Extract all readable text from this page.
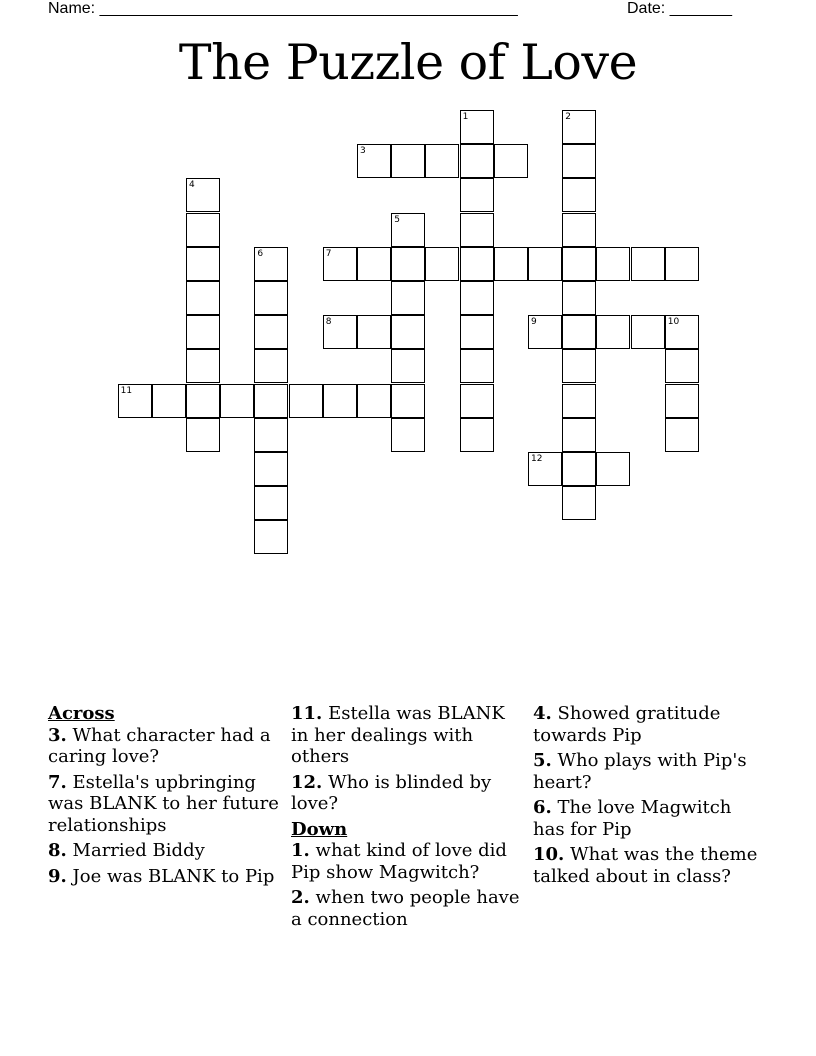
Name: _______________________________________________	Date: _______
The Puzzle of Love
1	2
3
4
5
6	7
8	9	10
11
12
Across
3. What character had a caring love?
7. Estella's upbringing was BLANK to her future relationships
8. Married Biddy
9. Joe was BLANK to Pip
11. Estella was BLANK in her dealings with others
12. Who is blinded by love?
Down
1. what kind of love did Pip show Magwitch?
2. when two people have a connection
4. Showed gratitude towards Pip
5. Who plays with Pip's heart?
6. The love Magwitch has for Pip
10. What was the theme talked about in class?
